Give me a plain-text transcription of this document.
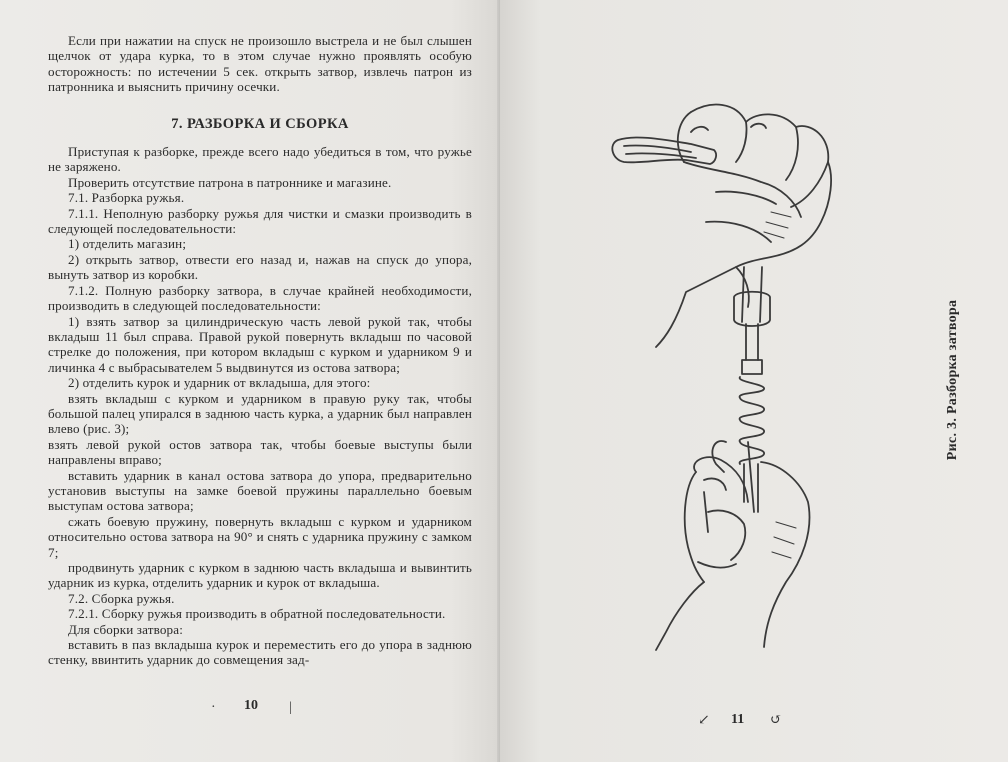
Если при нажатии на спуск не произошло выстрела и не был слышен щелчок от удара курка, то в этом случае нужно проявлять особую осторожность: по истечении 5 сек. открыть затвор, извлечь патрон из патронника и выяснить причину осечки.

7. РАЗБОРКА И СБОРКА

Приступая к разборке, прежде всего надо убедиться в том, что ружье не заряжено.

Проверить отсутствие патрона в патроннике и магазине.

7.1. Разборка ружья.

7.1.1. Неполную разборку ружья для чистки и смазки производить в следующей последовательности:

1) отделить магазин;

2) открыть затвор, отвести его назад и, нажав на спуск до упора, вынуть затвор из коробки.

7.1.2. Полную разборку затвора, в случае крайней необходимости, производить в следующей последовательности:

1) взять затвор за цилиндрическую часть левой рукой так, чтобы вкладыш 11 был справа. Правой рукой повернуть вкладыш по часовой стрелке до положения, при котором вкладыш с курком и ударником 9 и личинка 4 с выбрасывателем 5 выдвинутся из остова затвора;

2) отделить курок и ударник от вкладыша, для этого:

взять вкладыш с курком и ударником в правую руку так, чтобы большой палец упирался в заднюю часть курка, а ударник был направлен влево (рис. 3);

взять левой рукой остов затвора так, чтобы боевые выступы были направлены вправо;

вставить ударник в канал остова затвора до упора, предварительно установив выступы на замке боевой пружины параллельно боевым выступам остова затвора;

сжать боевую пружину, повернуть вкладыш с курком и ударником относительно остова затвора на 90° и снять с ударника пружину с замком 7;

продвинуть ударник с курком в заднюю часть вкладыша и вывинтить ударник из курка, отделить ударник и курок от вкладыша.

7.2. Сборка ружья.

7.2.1. Сборку ружья производить в обратной последовательности.

Для сборки затвора:

вставить в паз вкладыша курок и переместить его до упора в заднюю стенку, ввинтить ударник до совмещения зад-

· 10 |
Рис. 3. Разборка затвора
↙ 11 ↺
